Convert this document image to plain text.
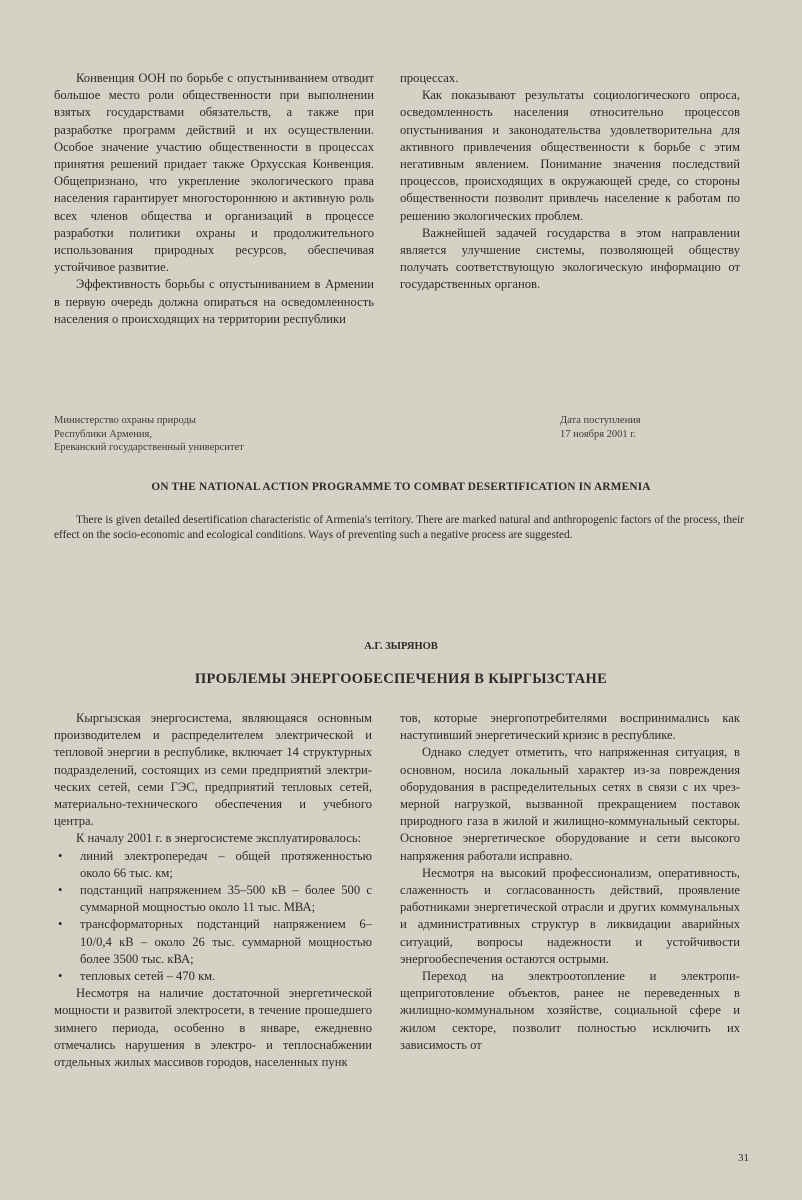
Конвенция ООН по борьбе с опустыниванием отводит большое место роли общественности при выполнении взятых государствами обязательств, а также при разработке программ действий и их осуществлении. Особое значение участию общественности в процессах принятия решений придает также Орхусская Конвенция. Общепризнано, что укрепление экологического права населения гарантирует многостороннюю и активную роль всех членов общества и организаций в процессе разработки политики охраны и продолжительного использования природных ресурсов, обеспечивая устойчивое развитие.

Эффективность борьбы с опустыниванием в Армении в первую очередь должна опираться на осведомленность населения о происходящих на территории республики

процессах.

Как показывают результаты социологического опроса, осведомленность населения относительно процессов опустынивания и законодательства удовлетворительна для активного привлечения общественности к борьбе с этим негативным явлением. Понимание значения последствий процессов, происходящих в окружающей среде, со стороны общественности позволит привлечь население к работам по решению экологических проблем.

Важнейшей задачей государства в этом направлении является улучшение системы, позволяющей обществу получать соответствующую экологическую информацию от государственных органов.

Министерство охраны природы
Республики Армения,
Ереванский государственный университет
Дата поступления
17 ноября 2001 г.
ON THE NATIONAL ACTION PROGRAMME TO COMBAT DESERTIFICATION IN ARMENIA

There is given detailed desertification characteristic of Armenia's territory. There are marked natural and anthropogenic factors of the process, their effect on the socio-economic and ecological conditions. Ways of preventing such a negative process are suggested.

А.Г. ЗЫРЯНОВ
ПРОБЛЕМЫ ЭНЕРГООБЕСПЕЧЕНИЯ В КЫРГЫЗСТАНЕ

Кыргызская энергосистема, являющаяся основным производителем и распределителем электрической и тепловой энергии в республике, включает 14 структурных подразделений, состоящих из семи предприятий электрических сетей, семи ГЭС, предприятий тепловых сетей, материально-технического обеспечения и учебного центра.

К началу 2001 г. в энергосистеме эксплуатировалось:

• линий электропередач – общей протяженностью около 66 тыс. км;
• подстанций напряжением 35–500 кВ – более 500 с суммарной мощностью около 11 тыс. МВА;
• трансформаторных подстанций напряжением 6–10/0,4 кВ – около 26 тыс. суммарной мощностью более 3500 тыс. кВА;
• тепловых сетей – 470 км.

Несмотря на наличие достаточной энергетической мощности и развитой электросети, в течение прошедшего зимнего периода, особенно в январе, ежедневно отмечались нарушения в электро- и теплоснабжении отдельных жилых массивов городов, населенных пунк

тов, которые энергопотребителями воспринимались как наступивший энергетический кризис в республике.

Однако следует отметить, что напряженная ситуация, в основном, носила локальный характер из-за повреждения оборудования в распределительных сетях в связи с их чрезмерной нагрузкой, вызванной прекращением поставок природного газа в жилой и жилищно-коммунальный секторы. Основное энергетическое оборудование и сети высокого напряжения работали исправно.

Несмотря на высокий профессионализм, оперативность, слаженность и согласованность действий, проявление работниками энергетической отрасли и других коммунальных и административных структур в ликвидации аварийных ситуаций, вопросы надежности и устойчивости энергообеспечения остаются острыми.

Переход на электроотопление и электропищеприготовление объектов, ранее не переведенных в жилищно-коммунальном хозяйстве, социальной сфере и жилом секторе, позволит полностью исключить их зависимость от

31
